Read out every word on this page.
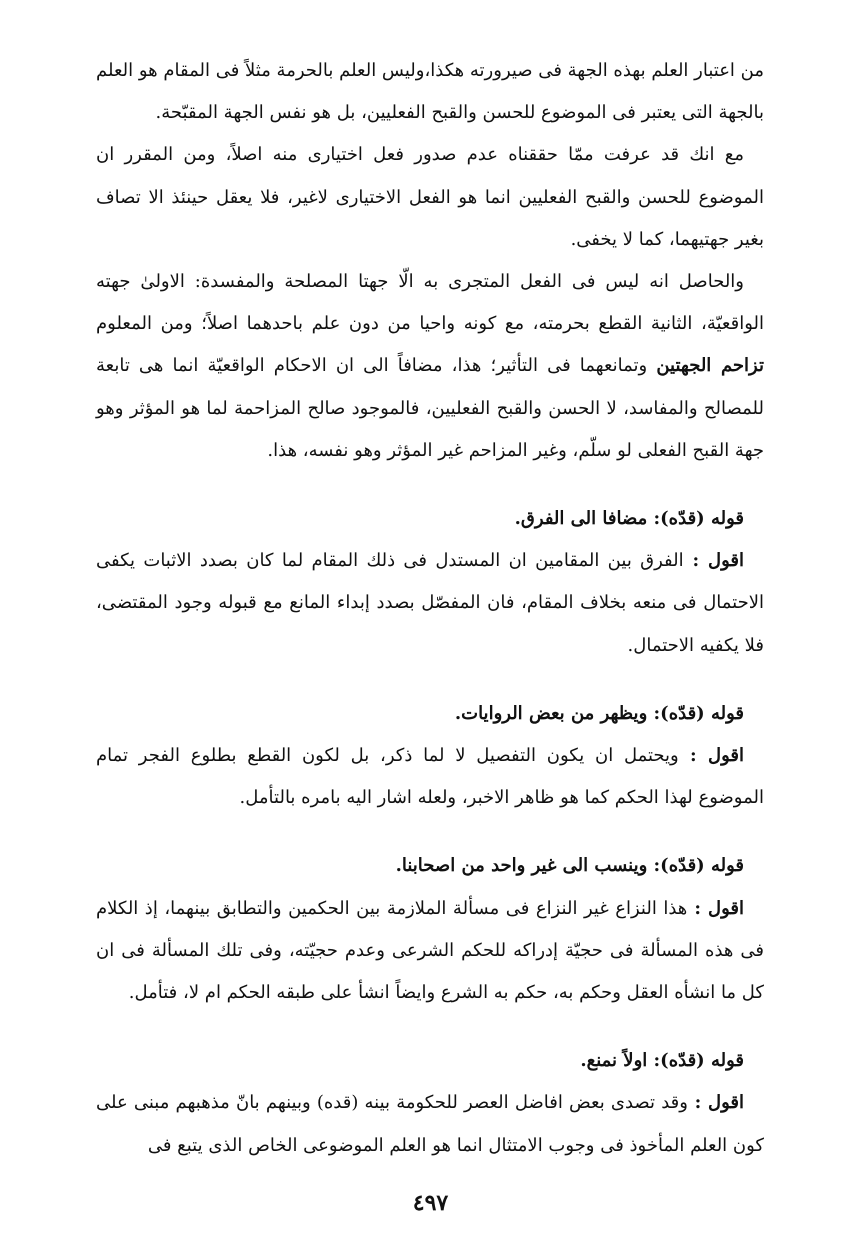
من اعتبار العلم بهذه الجهة فى صيرورته هكذا،وليس العلم بالحرمة مثلاً فى المقام هو العلم بالجهة التى يعتبر فى الموضوع للحسن والقبح الفعليين، بل هو نفس الجهة المقبّحة.

مع انك قد عرفت ممّا حققناه عدم صدور فعل اختيارى منه اصلاً، ومن المقرر ان الموضوع للحسن والقبح الفعليين انما هو الفعل الاختيارى لاغير، فلا يعقل حينئذ الا تصاف بغير جهتيهما، كما لا يخفى.

والحاصل انه ليس فى الفعل المتجرى به الّا جهتا المصلحة والمفسدة: الاولىٰ جهته الواقعيّة، الثانية القطع بحرمته، مع كونه واحيا من دون علم باحدهما اصلاً؛ ومن المعلوم تزاحم الجهتين وتمانعهما فى التأثير؛ هذا، مضافاً الى ان الاحكام الواقعيّة انما هى تابعة للمصالح والمفاسد، لا الحسن والقبح الفعليين، فالموجود صالح المزاحمة لما هو المؤثر وهو جهة القبح الفعلى لو سلّم، وغير المزاحم غير المؤثر وهو نفسه، هذا.

قوله (قدّه): مضافا الى الفرق.

اقول : الفرق بين المقامين ان المستدل فى ذلك المقام لما كان بصدد الاثبات يكفى الاحتمال فى منعه بخلاف المقام، فان المفصّل بصدد إبداء المانع مع قبوله وجود المقتضى، فلا يكفيه الاحتمال.

قوله (قدّه): ويظهر من بعض الروايات.

اقول : ويحتمل ان يكون التفصيل لا لما ذكر، بل لكون القطع بطلوع الفجر تمام الموضوع لهذا الحكم كما هو ظاهر الاخبر، ولعله اشار اليه بامره بالتأمل.

قوله (قدّه): وينسب الى غير واحد من اصحابنا.

اقول : هذا النزاع غير النزاع فى مسألة الملازمة بين الحكمين والتطابق بينهما، إذ الكلام فى هذه المسألة فى حجيّة إدراكه للحكم الشرعى وعدم حجيّته، وفى تلك المسألة فى ان كل ما انشأه العقل وحكم به، حكم به الشرع وايضاً انشأ على طبقه الحكم ام لا، فتأمل.

قوله (قدّه): اولاً نمنع.

اقول : وقد تصدى بعض افاضل العصر للحكومة بينه (قده) وبينهم بانّ مذهبهم مبنى على كون العلم المأخوذ فى وجوب الامتثال انما هو العلم الموضوعى الخاص الذى يتبع فى

٤٩٧
